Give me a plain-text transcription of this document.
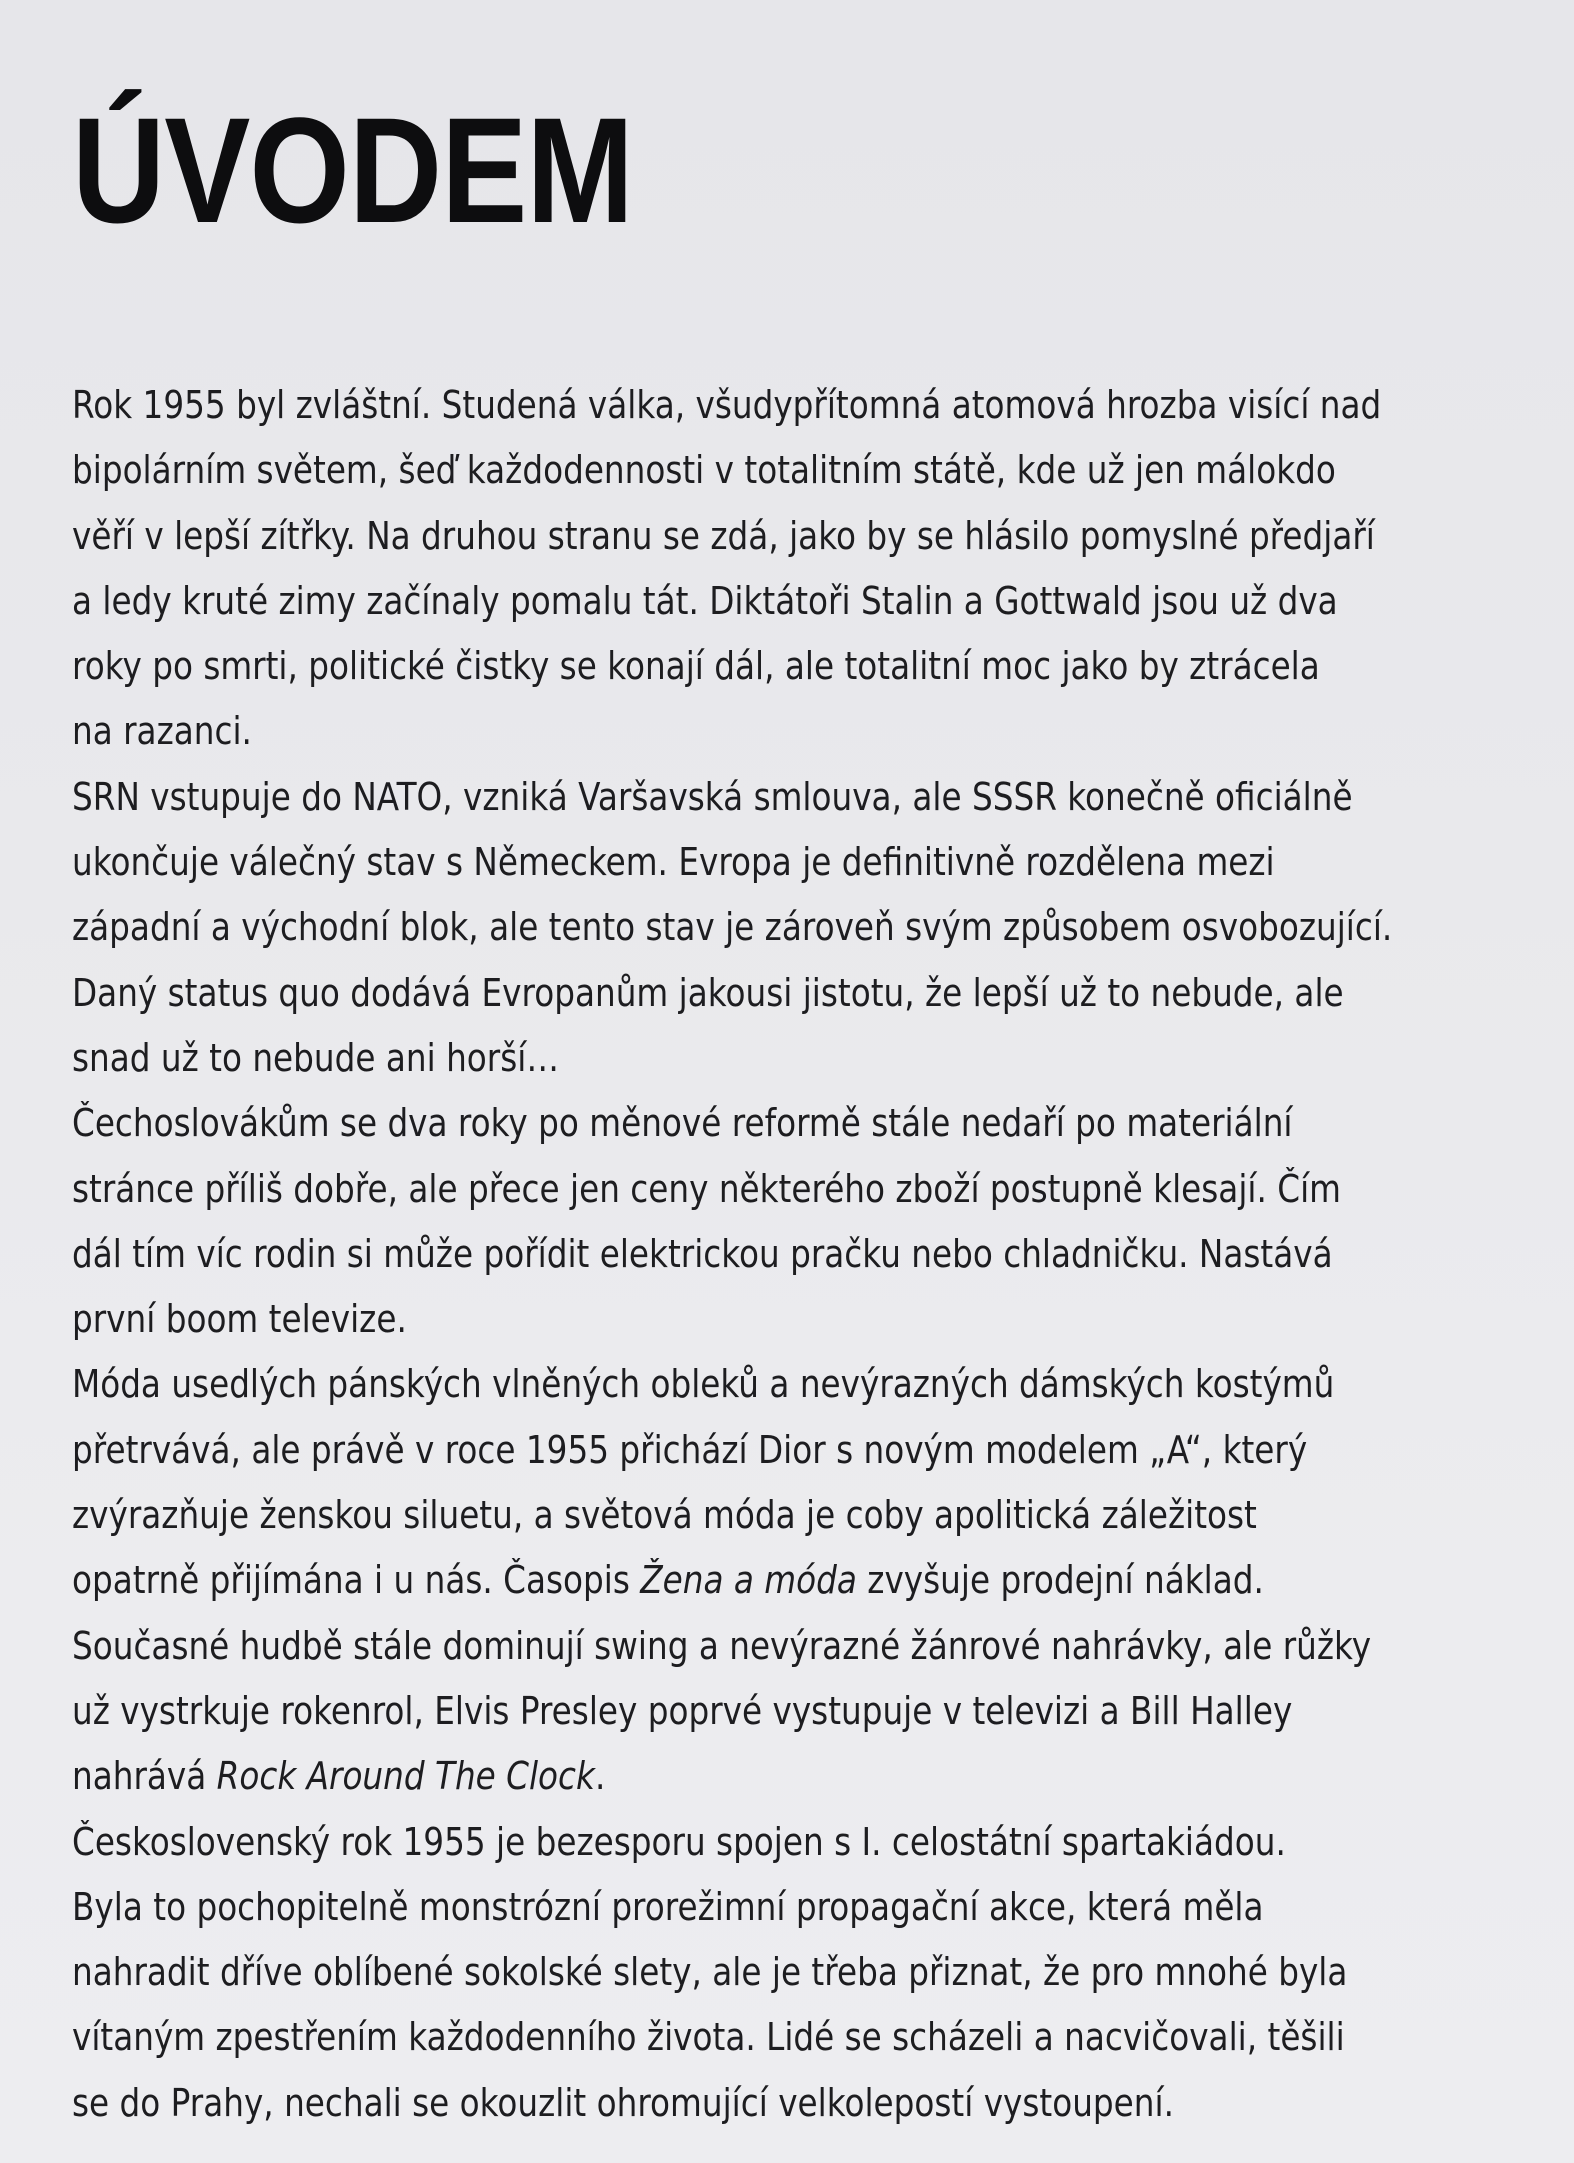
ÚVODEM
Rok 1955 byl zvláštní. Studená válka, všudypřítomná atomová hrozba visící nad
bipolárním světem, šeď každodennosti v totalitním státě, kde už jen málokdo
věří v lepší zítřky. Na druhou stranu se zdá, jako by se hlásilo pomyslné předjaří
a ledy kruté zimy začínaly pomalu tát. Diktátoři Stalin a Gottwald jsou už dva
roky po smrti, politické čistky se konají dál, ale totalitní moc jako by ztrácela
na razanci.
SRN vstupuje do NATO, vzniká Varšavská smlouva, ale SSSR konečně oficiálně
ukončuje válečný stav s Německem. Evropa je definitivně rozdělena mezi
západní a východní blok, ale tento stav je zároveň svým způsobem osvobozující.
Daný status quo dodává Evropanům jakousi jistotu, že lepší už to nebude, ale
snad už to nebude ani horší…
Čechoslovákům se dva roky po měnové reformě stále nedaří po materiální
stránce příliš dobře, ale přece jen ceny některého zboží postupně klesají. Čím
dál tím víc rodin si může pořídit elektrickou pračku nebo chladničku. Nastává
první boom televize.
Móda usedlých pánských vlněných obleků a nevýrazných dámských kostýmů
přetrvává, ale právě v roce 1955 přichází Dior s novým modelem „A“, který
zvýrazňuje ženskou siluetu, a světová móda je coby apolitická záležitost
opatrně přijímána i u nás. Časopis Žena a móda zvyšuje prodejní náklad.
Současné hudbě stále dominují swing a nevýrazné žánrové nahrávky, ale růžky
už vystrkuje rokenrol, Elvis Presley poprvé vystupuje v televizi a Bill Halley
nahrává Rock Around The Clock.
Československý rok 1955 je bezesporu spojen s I. celostátní spartakiádou.
Byla to pochopitelně monstrózní prorežimní propagační akce, která měla
nahradit dříve oblíbené sokolské slety, ale je třeba přiznat, že pro mnohé byla
vítaným zpestřením každodenního života. Lidé se scházeli a nacvičovali, těšili
se do Prahy, nechali se okouzlit ohromující velkolepostí vystoupení.
